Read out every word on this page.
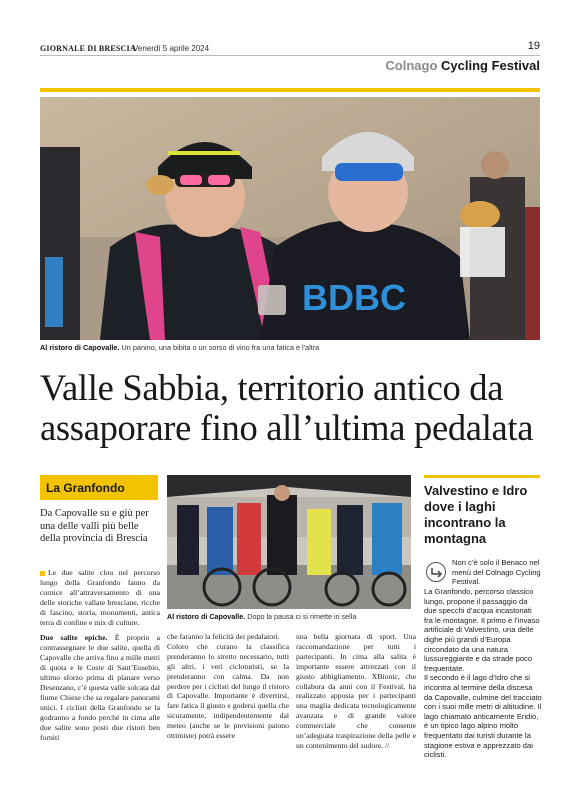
GIORNALE DI BRESCIA
Venerdì 5 aprile 2024	19
Colnago Cycling Festival
BDBC
Al ristoro di Capovalle. Un panino, una bibita o un sorso di vino fra una fatica e l'altra
Valle Sabbia, territorio antico da
assaporare fino all’ultima pedalata
La Granfondo
Da Capovalle su e giù per una delle valli più belle della provincia di Brescia

Le due salite clou nel percorso lungo della Granfondo fanno da cornice all’attraversamento di una delle storiche vallate bresciane, ricche di fascino, storia, monumenti, antica terra di confine e mix di culture.

Due salite epiche. È proprio a contrassegnare le due salite, quella di Capovalle che arriva fino a mille metri di quota e le Coste di Sant’Eusebio, ultimo sforzo prima di planare verso Desenzano, c’è questa valle solcata dal fiume Chiese che sa regalare panorami unici. I ciclisti della Granfondo se la godranno a fondo perché in cima alle due salite sono posti due ristori ben forniti

Al ristoro di Capovalle. Dopo la pausa ci si rimette in sella

che faranno la felicità dei pedalatori.

Coloro che curano la classifica prenderanno lo stretto necessario, tutti gli altri, i veri cicloturisti, se la prenderanno con calma. Da non perdere per i ciclisti del lungo il ristoro di Capovalle. Importante è divertirsi, fare fatica il giusto e godersi quella che sicuramente, indipendentemente dal meteo (anche se le previsioni paiono ottimiste) potrà essere

una bella giornata di sport. Una raccomandazione per tutti i partecipanti. In cima alla salita è importante essere attrezzati con il giusto abbigliamento. XBionic, che collabora da anni con il Festival, ha realizzato apposta per i partecipanti una maglia dedicata tecnologicamente avanzata e di grande valore commerciale che consente un’adeguata traspirazione della pelle e un contenimento del sudore. //

Valvestino e Idro dove i laghi incontrano la montagna
Non c’è solo il Benaco nel menù del Colnago Cycling Festival.

La Granfondo, percorso classico lungo, propone il passaggio da due specchi d’acqua incastonati fra le montagne. Il primo è l’invaso artificiale di Valvestino, una delle dighe più grandi d’Europa circondato da una natura lussureggiante e da strade poco frequentate.

Il secondo è il lago d’Idro che si incontra al termine della discesa da Capovalle, culmine del tracciato con i suoi mille metri di altitudine. Il lago chiamato anticamente Eridio, è un tipico lago alpino molto frequentato dai turisti durante la stagione estiva e apprezzato dai ciclisti.
